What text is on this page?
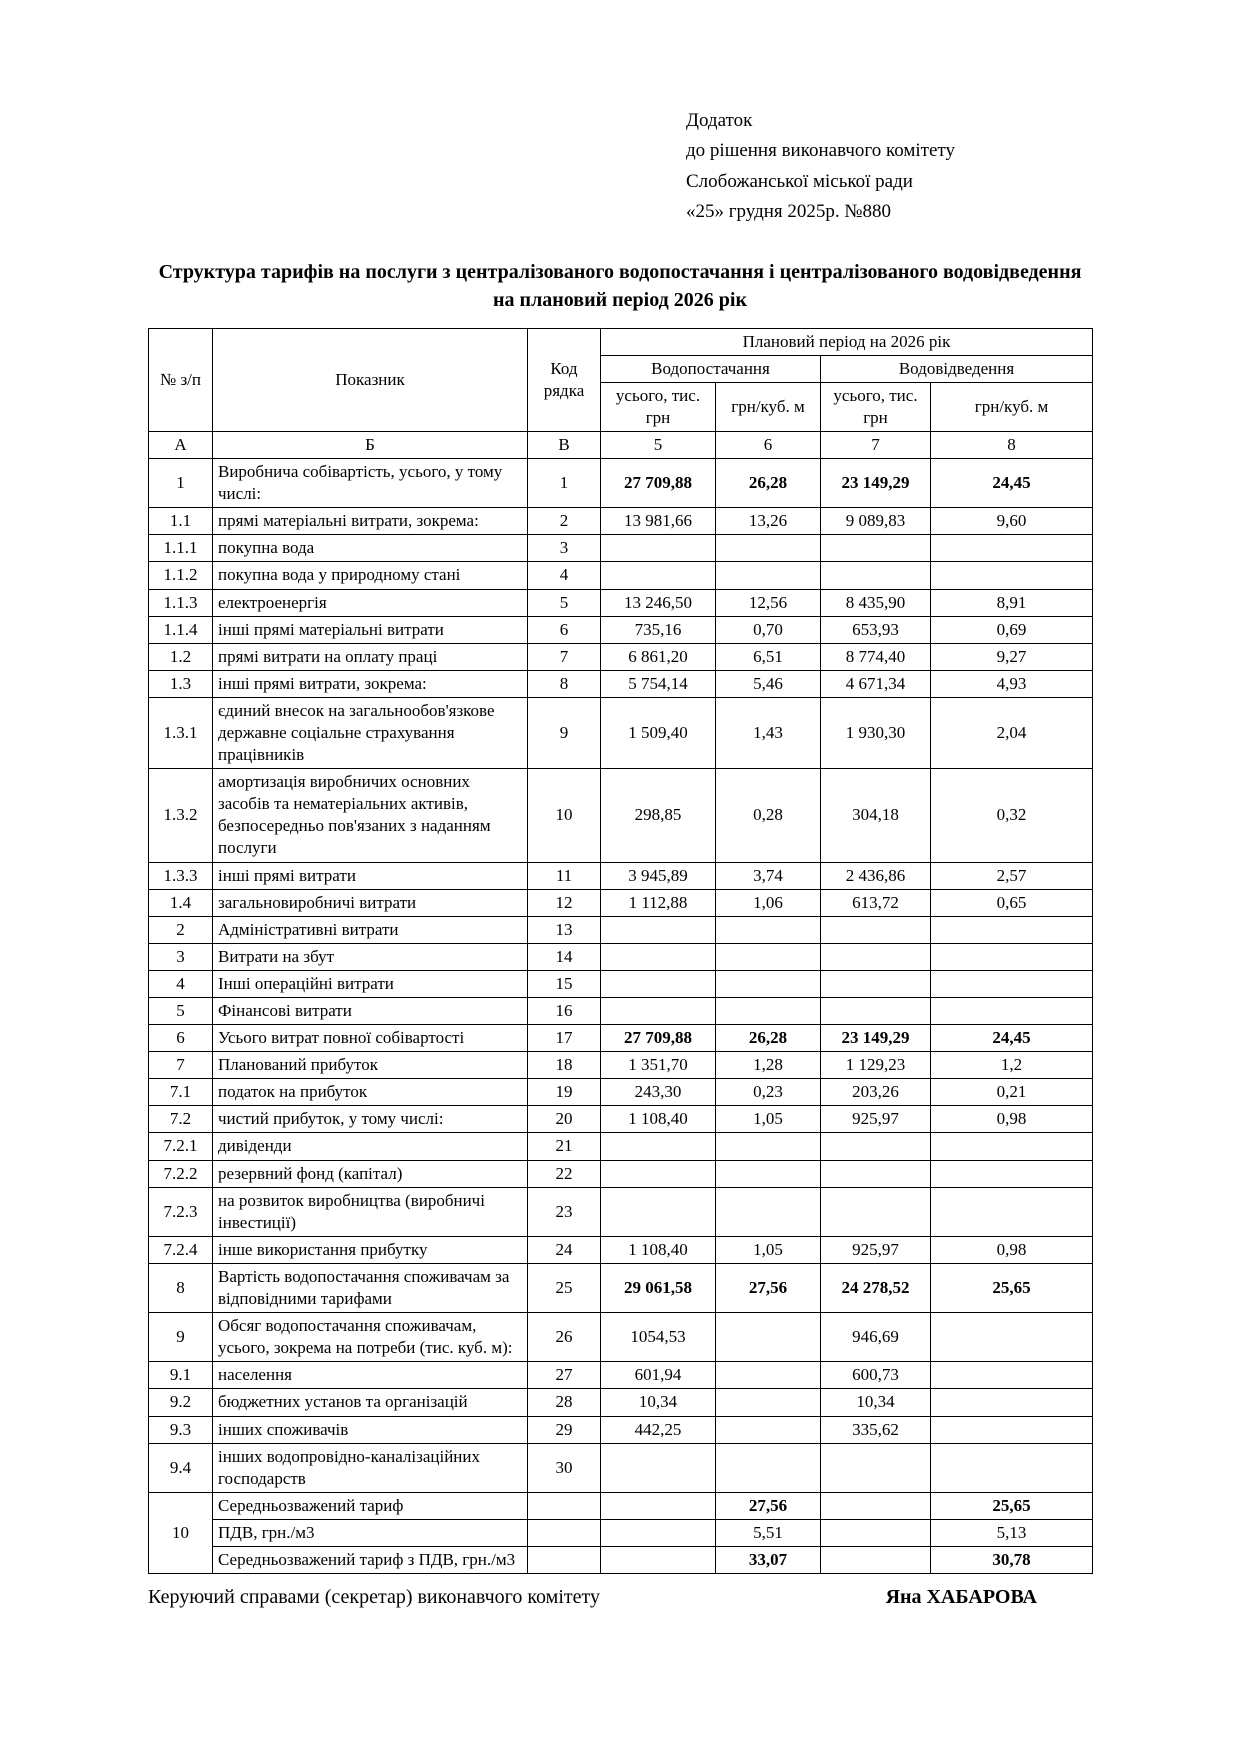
Додаток
до рішення виконавчого комітету
Слобожанської міської ради
«25» грудня 2025р. №880
Структура тарифів на послуги з централізованого водопостачання і централізованого водовідведення на плановий період 2026 рік
№ з/п	Показник	Код рядка	Плановий період на 2026 рік			
			Водопостачання		Водовідведення	
			усього, тис. грн	грн/куб. м	усього, тис. грн	грн/куб. м
А	Б	В	5	6	7	8
1	Виробнича собівартість, усього, у тому числі:	1	27 709,88	26,28	23 149,29	24,45
1.1	прямі матеріальні витрати, зокрема:	2	13 981,66	13,26	9 089,83	9,60
1.1.1	покупна вода	3				
1.1.2	покупна вода у природному стані	4				
1.1.3	електроенергія	5	13 246,50	12,56	8 435,90	8,91
1.1.4	інші прямі матеріальні витрати	6	735,16	0,70	653,93	0,69
1.2	прямі витрати на оплату праці	7	6 861,20	6,51	8 774,40	9,27
1.3	інші прямі витрати, зокрема:	8	5 754,14	5,46	4 671,34	4,93
1.3.1	єдиний внесок на загальнообов'язкове державне соціальне страхування працівників	9	1 509,40	1,43	1 930,30	2,04
1.3.2	амортизація виробничих основних засобів та нематеріальних активів, безпосередньо пов'язаних з наданням послуги	10	298,85	0,28	304,18	0,32
1.3.3	інші прямі витрати	11	3 945,89	3,74	2 436,86	2,57
1.4	загальновиробничі витрати	12	1 112,88	1,06	613,72	0,65
2	Адміністративні витрати	13				
3	Витрати на збут	14				
4	Інші операційні витрати	15				
5	Фінансові витрати	16				
6	Усього витрат повної собівартості	17	27 709,88	26,28	23 149,29	24,45
7	Планований прибуток	18	1 351,70	1,28	1 129,23	1,2
7.1	податок на прибуток	19	243,30	0,23	203,26	0,21
7.2	чистий прибуток, у тому числі:	20	1 108,40	1,05	925,97	0,98
7.2.1	дивіденди	21				
7.2.2	резервний фонд (капітал)	22				
7.2.3	на розвиток виробництва (виробничі інвестиції)	23				
7.2.4	інше використання прибутку	24	1 108,40	1,05	925,97	0,98
8	Вартість водопостачання споживачам за відповідними тарифами	25	29 061,58	27,56	24 278,52	25,65
9	Обсяг водопостачання споживачам, усього, зокрема на потреби (тис. куб. м):	26	1054,53		946,69	
9.1	населення	27	601,94		600,73	
9.2	бюджетних установ та організацій	28	10,34		10,34	
9.3	інших споживачів	29	442,25		335,62	
9.4	інших водопровідно-каналізаційних господарств	30				
10	Середньозважений тариф			27,56		25,65
	ПДВ, грн./м3			5,51		5,13
	Середньозважений тариф з ПДВ, грн./м3			33,07		30,78
Керуючий справами (секретар) виконавчого комітету	Яна ХАБАРОВА
